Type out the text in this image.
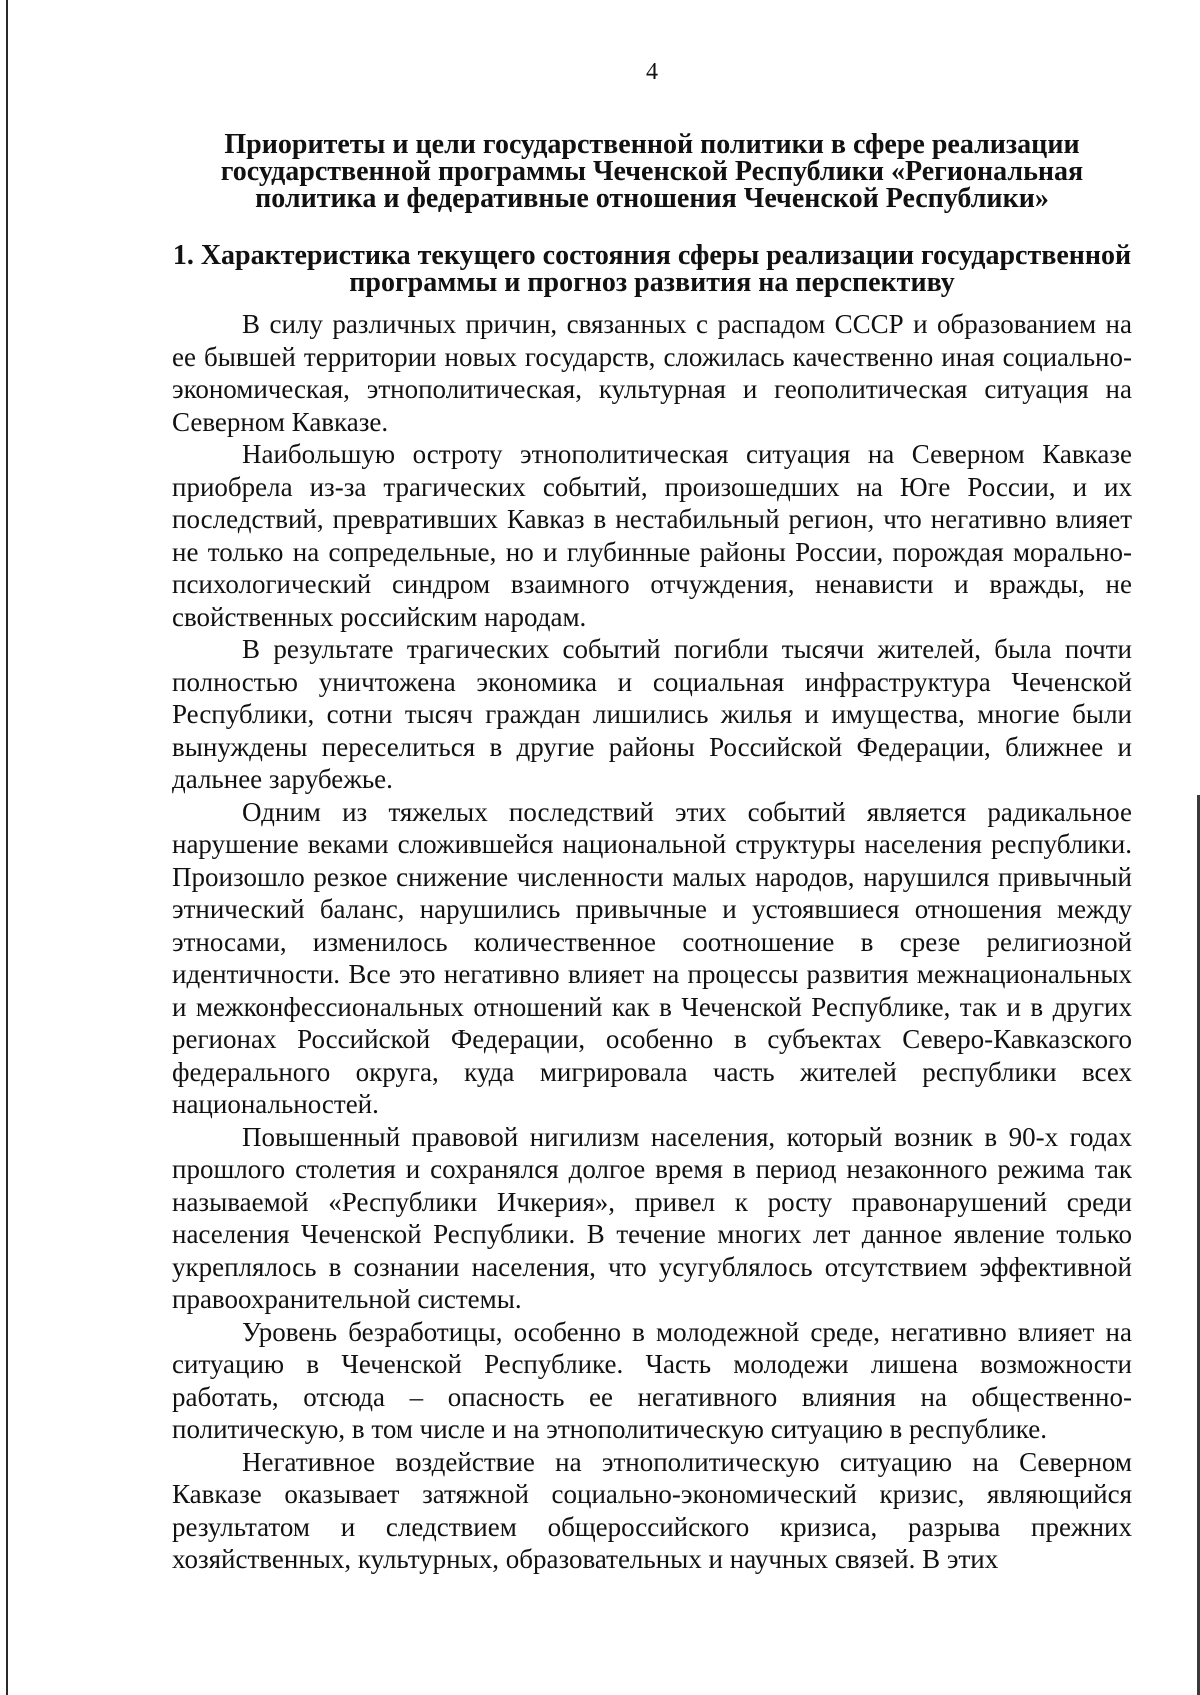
4
Приоритеты и цели государственной политики в сфере реализации государственной программы Чеченской Республики «Региональная политика и федеративные отношения Чеченской Республики»
1. Характеристика текущего состояния сферы реализации государственной программы и прогноз развития на перспективу

В силу различных причин, связанных с распадом СССР и образованием на ее бывшей территории новых государств, сложилась качественно иная социально-экономическая, этнополитическая, культурная и геополитическая ситуация на Северном Кавказе.

Наибольшую остроту этнополитическая ситуация на Северном Кавказе приобрела из-за трагических событий, произошедших на Юге России, и их последствий, превративших Кавказ в нестабильный регион, что негативно влияет не только на сопредельные, но и глубинные районы России, порождая морально-психологический синдром взаимного отчуждения, ненависти и вражды, не свойственных российским народам.

В результате трагических событий погибли тысячи жителей, была почти полностью уничтожена экономика и социальная инфраструктура Чеченской Республики, сотни тысяч граждан лишились жилья и имущества, многие были вынуждены переселиться в другие районы Российской Федерации, ближнее и дальнее зарубежье.

Одним из тяжелых последствий этих событий является радикальное нарушение веками сложившейся национальной структуры населения республики. Произошло резкое снижение численности малых народов, нарушился привычный этнический баланс, нарушились привычные и устоявшиеся отношения между этносами, изменилось количественное соотношение в срезе религиозной идентичности. Все это негативно влияет на процессы развития межнациональных и межконфессиональных отношений как в Чеченской Республике, так и в других регионах Российской Федерации, особенно в субъектах Северо-Кавказского федерального округа, куда мигрировала часть жителей республики всех национальностей.

Повышенный правовой нигилизм населения, который возник в 90-х годах прошлого столетия и сохранялся долгое время в период незаконного режима так называемой «Республики Ичкерия», привел к росту правонарушений среди населения Чеченской Республики. В течение многих лет данное явление только укреплялось в сознании населения, что усугублялось отсутствием эффективной правоохранительной системы.

Уровень безработицы, особенно в молодежной среде, негативно влияет на ситуацию в Чеченской Республике. Часть молодежи лишена возможности работать, отсюда – опасность ее негативного влияния на общественно-политическую, в том числе и на этнополитическую ситуацию в республике.

Негативное воздействие на этнополитическую ситуацию на Северном Кавказе оказывает затяжной социально-экономический кризис, являющийся результатом и следствием общероссийского кризиса, разрыва прежних хозяйственных, культурных, образовательных и научных связей. В этих
